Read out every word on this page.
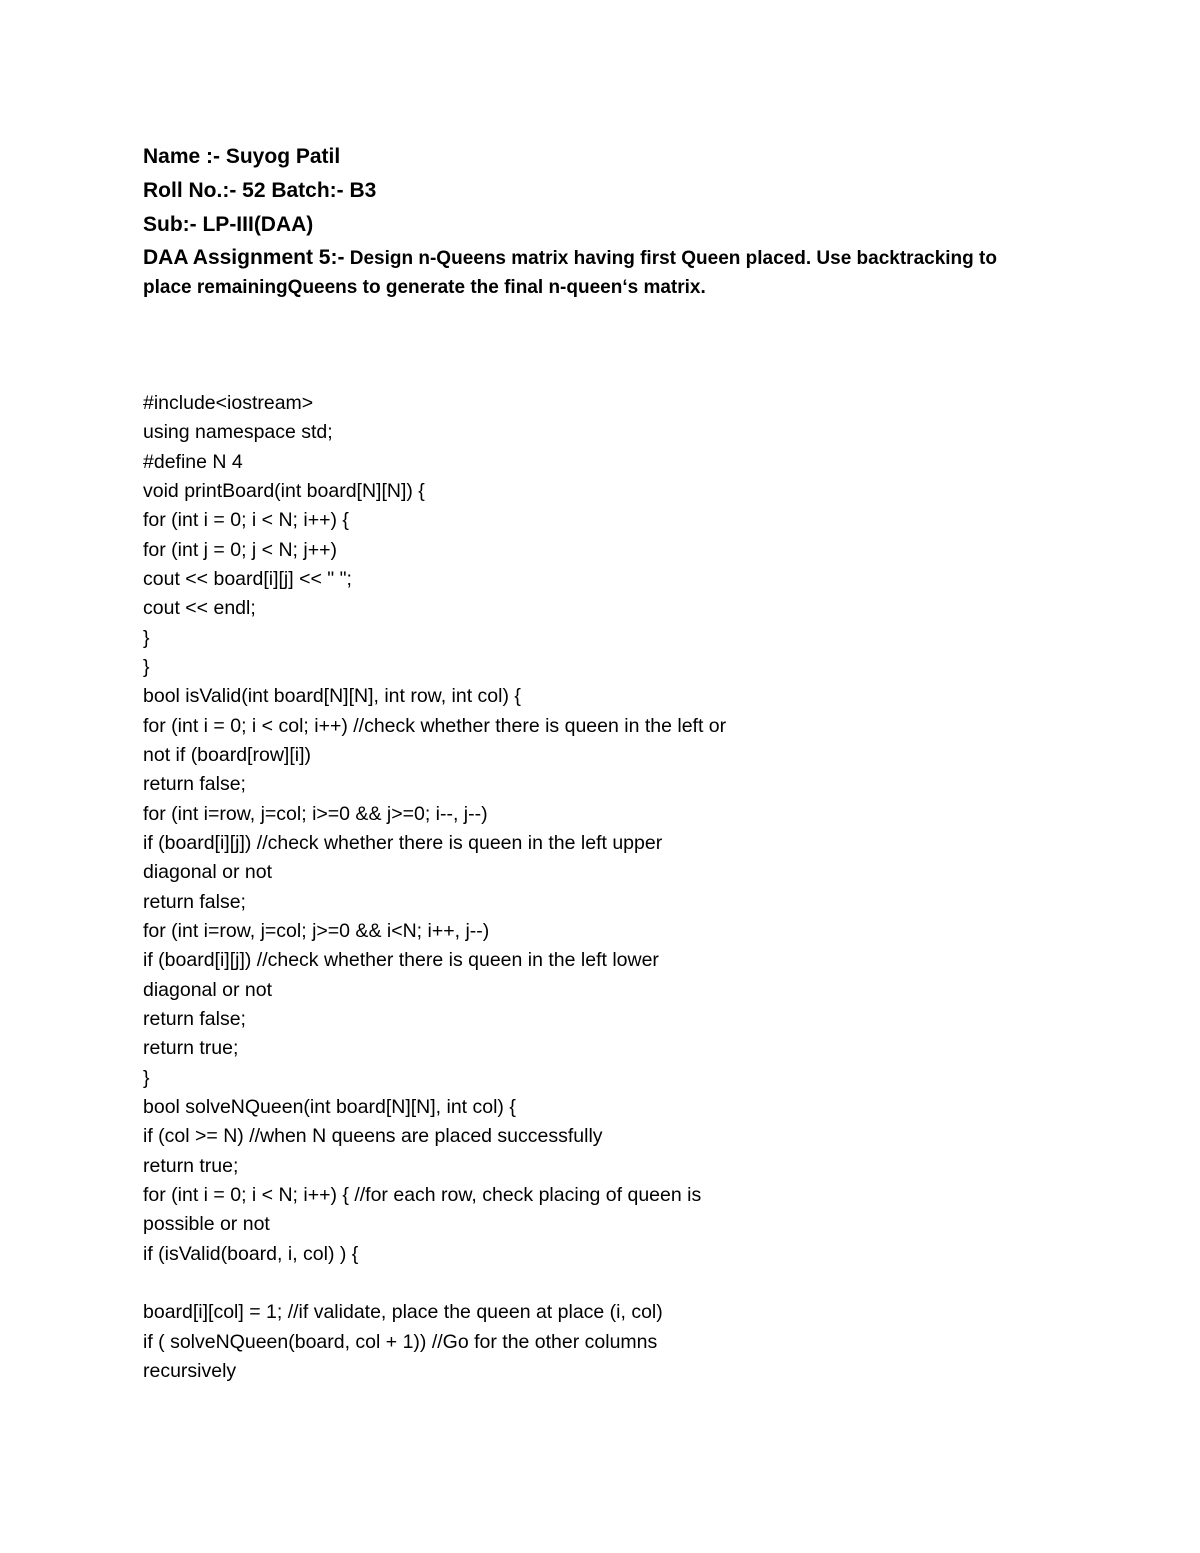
Name :- Suyog Patil
Roll No.:- 52 Batch:- B3
Sub:- LP-III(DAA)
DAA Assignment 5:- Design n-Queens matrix having first Queen placed. Use backtracking to place remainingQueens to generate the final n-queen‘s matrix.
#include<iostream>
using namespace std;
#define N 4
void printBoard(int board[N][N]) {
for (int i = 0; i < N; i++) {
for (int j = 0; j < N; j++)
cout << board[i][j] << " ";
cout << endl;
}
}
bool isValid(int board[N][N], int row, int col) {
for (int i = 0; i < col; i++) //check whether there is queen in the left or
not if (board[row][i])
return false;
for (int i=row, j=col; i>=0 && j>=0; i--, j--)
if (board[i][j]) //check whether there is queen in the left upper
diagonal or not
return false;
for (int i=row, j=col; j>=0 && i<N; i++, j--)
if (board[i][j]) //check whether there is queen in the left lower
diagonal or not
return false;
return true;
}
bool solveNQueen(int board[N][N], int col) {
if (col >= N) //when N queens are placed successfully
return true;
for (int i = 0; i < N; i++) { //for each row, check placing of queen is
possible or not
if (isValid(board, i, col) ) {
board[i][col] = 1; //if validate, place the queen at place (i, col)
if ( solveNQueen(board, col + 1)) //Go for the other columns
recursively
